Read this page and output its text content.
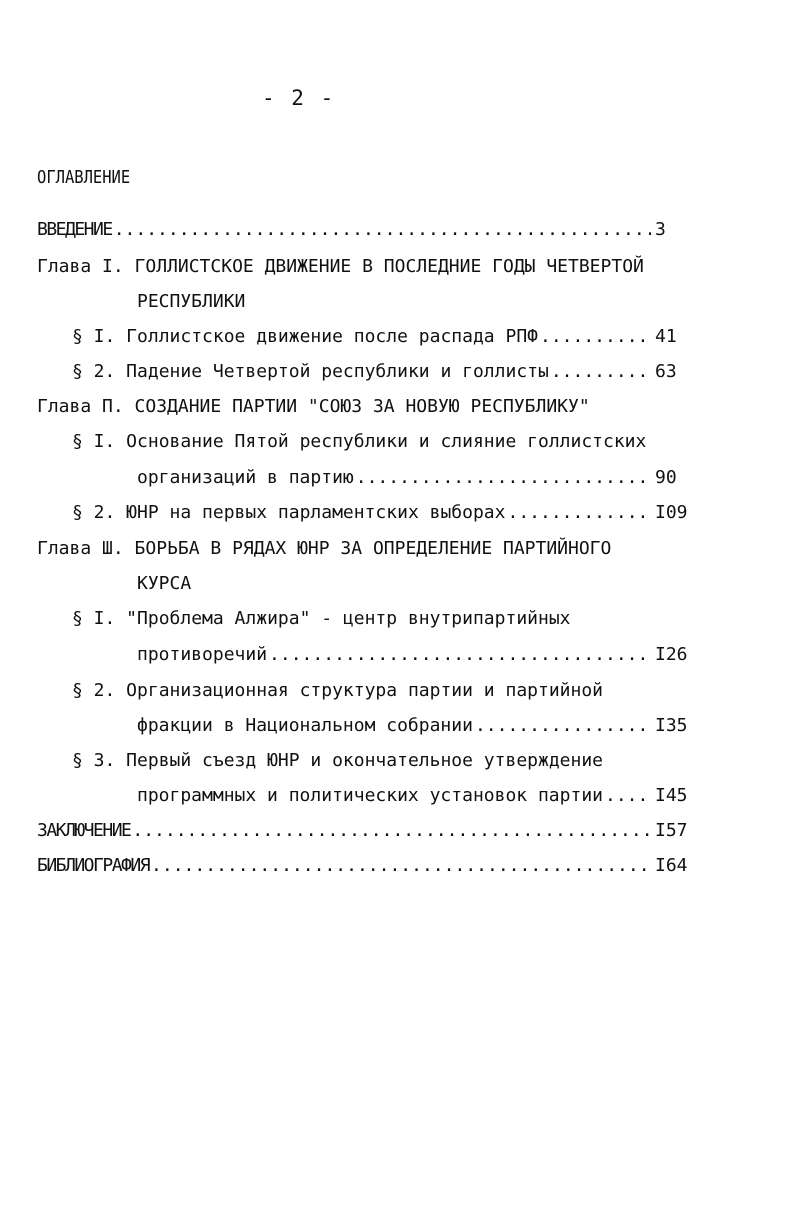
- 2 -
ОГЛАВЛЕНИЕ
ВВЕДЕНИЕ .....	3
Глава I. ГОЛЛИСТСКОЕ ДВИЖЕНИЕ В ПОСЛЕДНИЕ ГОДЫ ЧЕТВЕРТОЙ
РЕСПУБЛИКИ
§ I. Голлистское движение после распада РПФ .....	41
§ 2. Падение Четвертой республики и голлисты .....	63
Глава П. СОЗДАНИЕ ПАРТИИ "СОЮЗ ЗА НОВУЮ РЕСПУБЛИКУ"
§ I. Основание Пятой республики и слияние голлистских
организаций в партию .....	90
§ 2. ЮНР на первых парламентских выборах .....	I09
Глава Ш. БОРЬБА В РЯДАХ ЮНР ЗА ОПРЕДЕЛЕНИЕ ПАРТИЙНОГО
КУРСА
§ I. "Проблема Алжира" - центр внутрипартийных
противоречий .....	I26
§ 2. Организационная структура партии и партийной
фракции в Национальном собрании .....	I35
§ 3. Первый съезд ЮНР и окончательное утверждение
программных и политических установок партии .....	I45
ЗАКЛЮЧЕНИЕ .....	I57
БИБЛИОГРАФИЯ .....	I64
